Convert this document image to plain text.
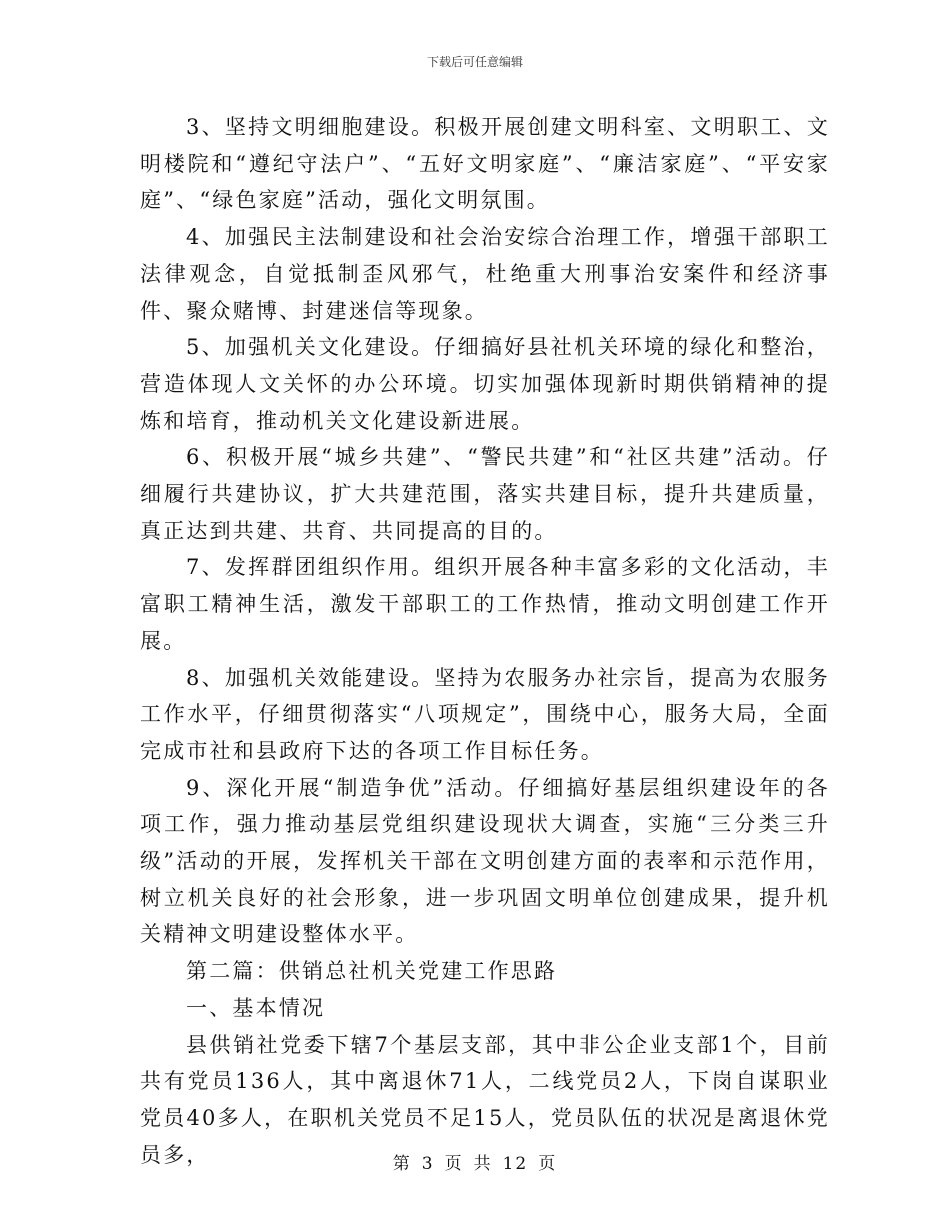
下载后可任意编辑

3、坚持文明细胞建设。积极开展创建文明科室、文明职工、文明楼院和“遵纪守法户”、“五好文明家庭”、“廉洁家庭”、“平安家庭”、“绿色家庭”活动，强化文明氛围。

4、加强民主法制建设和社会治安综合治理工作，增强干部职工法律观念，自觉抵制歪风邪气，杜绝重大刑事治安案件和经济事件、聚众赌博、封建迷信等现象。

5、加强机关文化建设。仔细搞好县社机关环境的绿化和整治，营造体现人文关怀的办公环境。切实加强体现新时期供销精神的提炼和培育，推动机关文化建设新进展。

6、积极开展“城乡共建”、“警民共建”和“社区共建”活动。仔细履行共建协议，扩大共建范围，落实共建目标，提升共建质量，真正达到共建、共育、共同提高的目的。

7、发挥群团组织作用。组织开展各种丰富多彩的文化活动，丰富职工精神生活，激发干部职工的工作热情，推动文明创建工作开展。

8、加强机关效能建设。坚持为农服务办社宗旨，提高为农服务工作水平，仔细贯彻落实“八项规定”，围绕中心，服务大局，全面完成市社和县政府下达的各项工作目标任务。

9、深化开展“制造争优”活动。仔细搞好基层组织建设年的各项工作，强力推动基层党组织建设现状大调查，实施“三分类三升级”活动的开展，发挥机关干部在文明创建方面的表率和示范作用，树立机关良好的社会形象，进一步巩固文明单位创建成果，提升机关精神文明建设整体水平。

第二篇：供销总社机关党建工作思路

一、基本情况

县供销社党委下辖7个基层支部，其中非公企业支部1个，目前共有党员136人，其中离退休71人，二线党员2人，下岗自谋职业党员40多人，在职机关党员不足15人，党员队伍的状况是离退休党员多，	第 3 页 共 12 页
